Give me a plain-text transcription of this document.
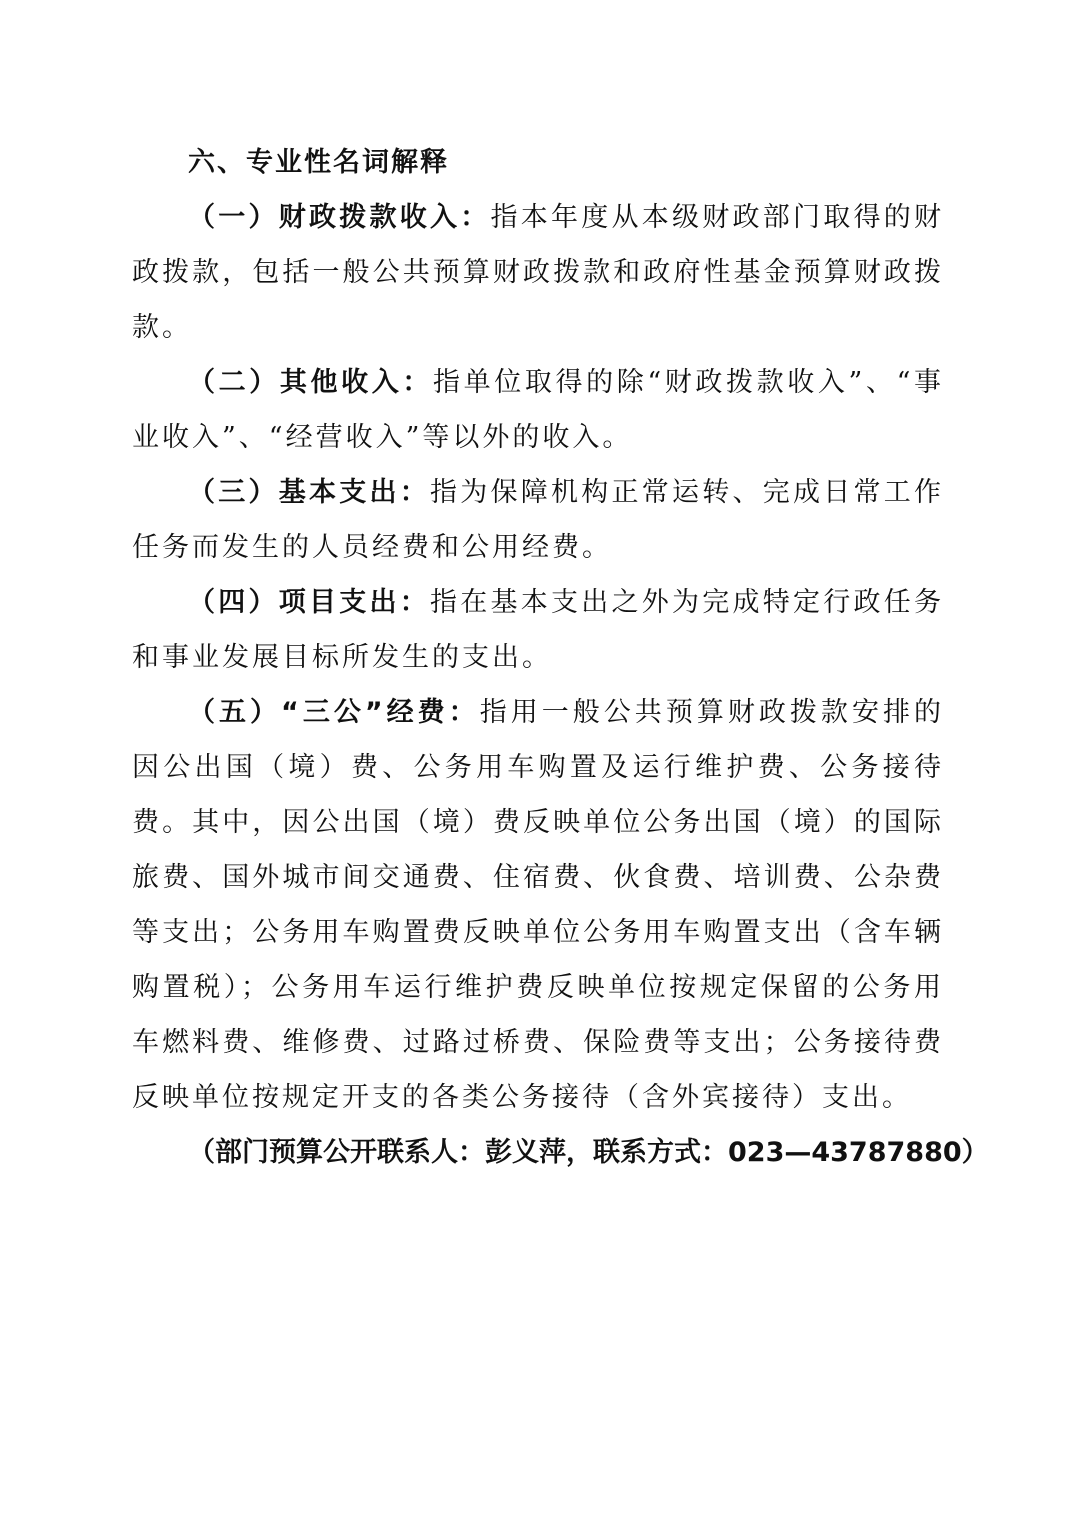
六、专业性名词解释

（一）财政拨款收入：指本年度从本级财政部门取得的财政拨款，包括一般公共预算财政拨款和政府性基金预算财政拨款。

（二）其他收入：指单位取得的除“财政拨款收入”、“事业收入”、“经营收入”等以外的收入。

（三）基本支出：指为保障机构正常运转、完成日常工作任务而发生的人员经费和公用经费。

（四）项目支出：指在基本支出之外为完成特定行政任务和事业发展目标所发生的支出。

（五）“三公”经费：指用一般公共预算财政拨款安排的因公出国（境）费、公务用车购置及运行维护费、公务接待费。其中，因公出国（境）费反映单位公务出国（境）的国际旅费、国外城市间交通费、住宿费、伙食费、培训费、公杂费等支出；公务用车购置费反映单位公务用车购置支出（含车辆购置税）；公务用车运行维护费反映单位按规定保留的公务用车燃料费、维修费、过路过桥费、保险费等支出；公务接待费反映单位按规定开支的各类公务接待（含外宾接待）支出。

（部门预算公开联系人：彭义萍，联系方式：023—43787880）
